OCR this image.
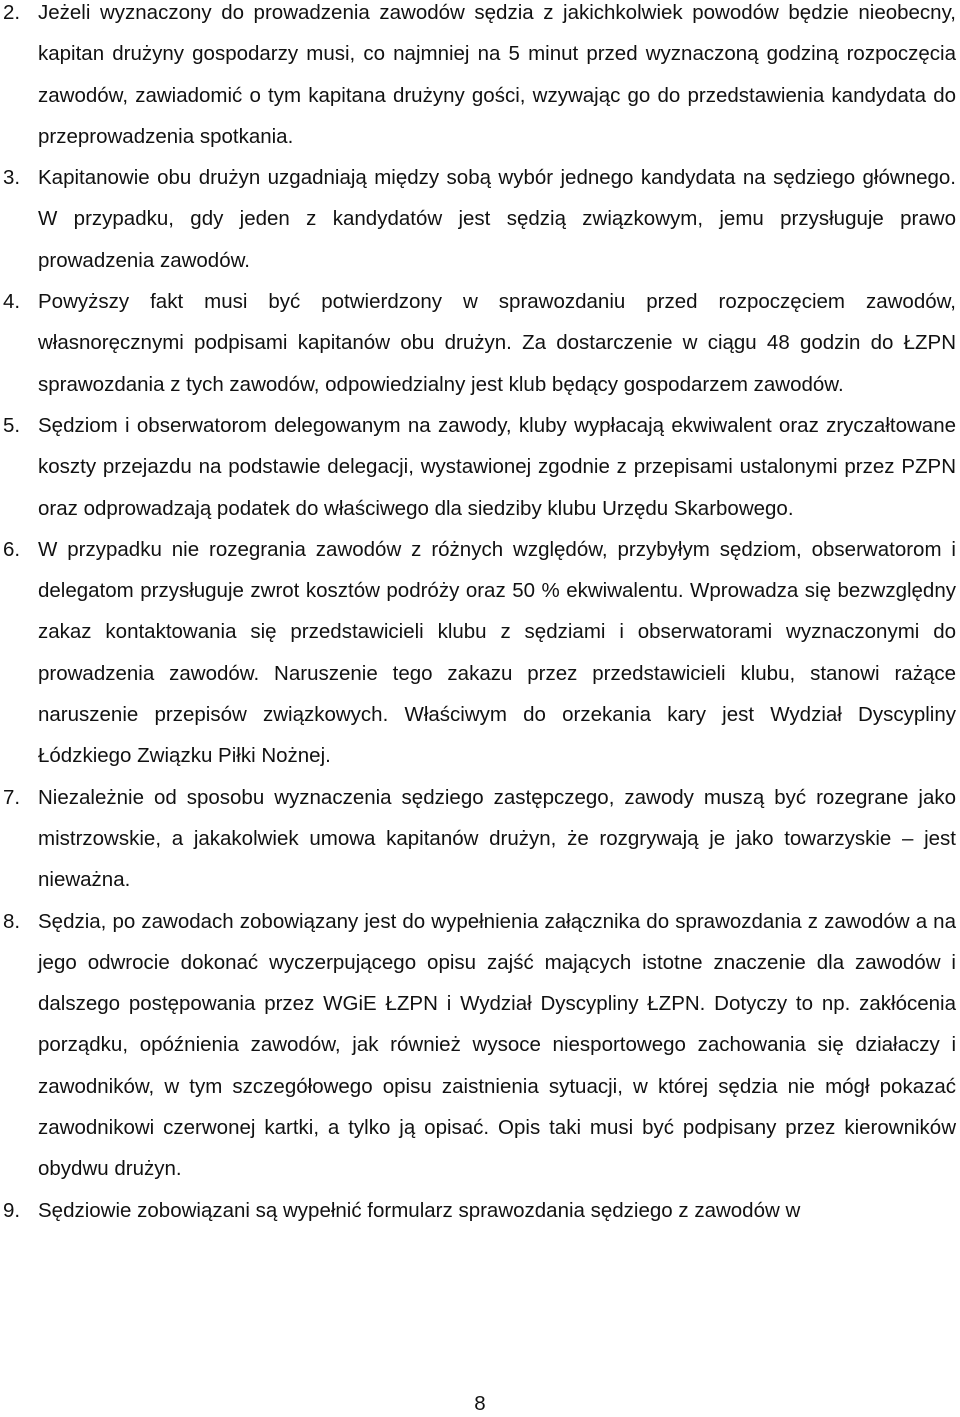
2. Jeżeli wyznaczony do prowadzenia zawodów sędzia z jakichkolwiek powodów będzie nieobecny, kapitan drużyny gospodarzy musi, co najmniej na 5 minut przed wyznaczoną godziną rozpoczęcia zawodów, zawiadomić o tym kapitana drużyny gości, wzywając go do przedstawienia kandydata do przeprowadzenia spotkania.
3. Kapitanowie obu drużyn uzgadniają między sobą wybór jednego kandydata na sędziego głównego. W przypadku, gdy jeden z kandydatów jest sędzią związkowym, jemu przysługuje prawo prowadzenia zawodów.
4. Powyższy fakt musi być potwierdzony w sprawozdaniu przed rozpoczęciem zawodów, własnoręcznymi podpisami kapitanów obu drużyn. Za dostarczenie w ciągu 48 godzin do ŁZPN sprawozdania z tych zawodów, odpowiedzialny jest klub będący gospodarzem zawodów.
5. Sędziom i obserwatorom delegowanym na zawody, kluby wypłacają ekwiwalent oraz zryczałtowane koszty przejazdu na podstawie delegacji, wystawionej zgodnie z przepisami ustalonymi przez PZPN oraz odprowadzają podatek do właściwego dla siedziby klubu Urzędu Skarbowego.
6. W przypadku nie rozegrania zawodów z różnych względów, przybyłym sędziom, obserwatorom i delegatom przysługuje zwrot kosztów podróży oraz 50 % ekwiwalentu. Wprowadza się bezwzględny zakaz kontaktowania się przedstawicieli klubu z sędziami i obserwatorami wyznaczonymi do prowadzenia zawodów. Naruszenie tego zakazu przez przedstawicieli klubu, stanowi rażące naruszenie przepisów związkowych. Właściwym do orzekania kary jest Wydział Dyscypliny Łódzkiego Związku Piłki Nożnej.
7. Niezależnie od sposobu wyznaczenia sędziego zastępczego, zawody muszą być rozegrane jako mistrzowskie, a jakakolwiek umowa kapitanów drużyn, że rozgrywają je jako towarzyskie – jest nieważna.
8. Sędzia, po zawodach zobowiązany jest do wypełnienia załącznika do sprawozdania z zawodów a na jego odwrocie dokonać wyczerpującego opisu zajść mających istotne znaczenie dla zawodów i dalszego postępowania przez WGiE ŁZPN i Wydział Dyscypliny ŁZPN. Dotyczy to np. zakłócenia porządku, opóźnienia zawodów, jak również wysoce niesportowego zachowania się działaczy i zawodników, w tym szczegółowego opisu zaistnienia sytuacji, w której sędzia nie mógł pokazać zawodnikowi czerwonej kartki, a tylko ją opisać. Opis taki musi być podpisany przez kierowników obydwu drużyn.
9. Sędziowie zobowiązani są wypełnić formularz sprawozdania sędziego z zawodów w
8
